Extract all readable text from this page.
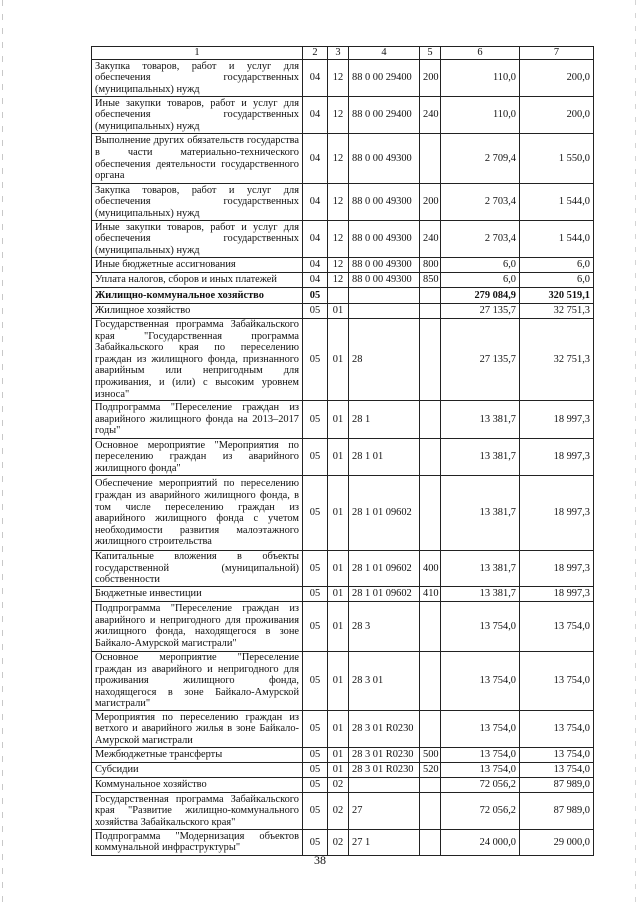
1	2	3	4	5	6	7
Закупка товаров, работ и услуг для обеспечения государственных (муниципальных) нужд	04	12	88 0 00 29400	200	110,0	200,0
Иные закупки товаров, работ и услуг для обеспечения государственных (муниципальных) нужд	04	12	88 0 00 29400	240	110,0	200,0
Выполнение других обязательств государства в части материально-технического обеспечения деятельности государственного органа	04	12	88 0 00 49300		2 709,4	1 550,0
Закупка товаров, работ и услуг для обеспечения государственных (муниципальных) нужд	04	12	88 0 00 49300	200	2 703,4	1 544,0
Иные закупки товаров, работ и услуг для обеспечения государственных (муниципальных) нужд	04	12	88 0 00 49300	240	2 703,4	1 544,0
Иные бюджетные ассигнования	04	12	88 0 00 49300	800	6,0	6,0
Уплата налогов, сборов и иных платежей	04	12	88 0 00 49300	850	6,0	6,0
Жилищно-коммунальное хозяйство	05				279 084,9	320 519,1
Жилищное хозяйство	05	01			27 135,7	32 751,3
Государственная программа Забайкальского края "Государственная программа Забайкальского края по переселению граждан из жилищного фонда, признанного аварийным или непригодным для проживания, и (или) с высоким уровнем износа"	05	01	28		27 135,7	32 751,3
Подпрограмма "Переселение граждан из аварийного жилищного фонда на 2013–2017 годы"	05	01	28 1		13 381,7	18 997,3
Основное мероприятие "Мероприятия по переселению граждан из аварийного жилищного фонда"	05	01	28 1 01		13 381,7	18 997,3
Обеспечение мероприятий по переселению граждан из аварийного жилищного фонда, в том числе переселению граждан из аварийного жилищного фонда с учетом необходимости развития малоэтажного жилищного строительства	05	01	28 1 01 09602		13 381,7	18 997,3
Капитальные вложения в объекты государственной (муниципальной) собственности	05	01	28 1 01 09602	400	13 381,7	18 997,3
Бюджетные инвестиции	05	01	28 1 01 09602	410	13 381,7	18 997,3
Подпрограмма "Переселение граждан из аварийного и непригодного для проживания жилищного фонда, находящегося в зоне Байкало-Амурской магистрали"	05	01	28 3		13 754,0	13 754,0
Основное мероприятие "Переселение граждан из аварийного и непригодного для проживания жилищного фонда, находящегося в зоне Байкало-Амурской магистрали"	05	01	28 3 01		13 754,0	13 754,0
Мероприятия по переселению граждан из ветхого и аварийного жилья в зоне Байкало-Амурской магистрали	05	01	28 3 01 R0230		13 754,0	13 754,0
Межбюджетные трансферты	05	01	28 3 01 R0230	500	13 754,0	13 754,0
Субсидии	05	01	28 3 01 R0230	520	13 754,0	13 754,0
Коммунальное хозяйство	05	02			72 056,2	87 989,0
Государственная программа Забайкальского края "Развитие жилищно-коммунального хозяйства Забайкальского края"	05	02	27		72 056,2	87 989,0
Подпрограмма "Модернизация объектов коммунальной инфраструктуры"	05	02	27 1		24 000,0	29 000,0
38
